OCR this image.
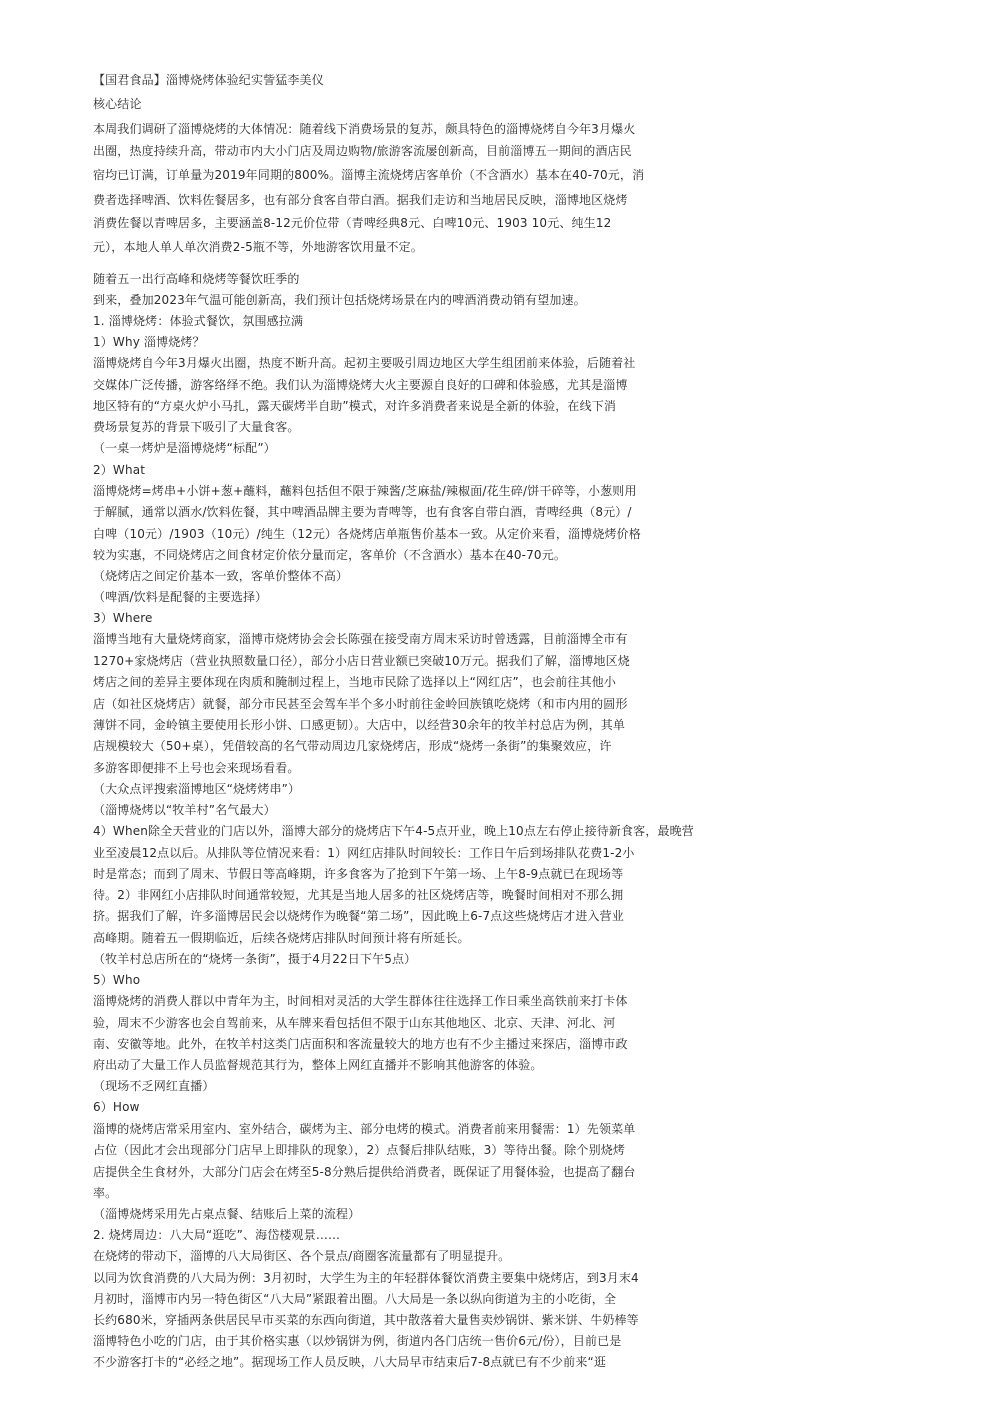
【国君食品】淄博烧烤体验纪实訾猛李美仪
核心结论
本周我们调研了淄博烧烤的大体情况：随着线下消费场景的复苏，颇具特色的淄博烧烤自今年3月爆火
出圈，热度持续升高，带动市内大小门店及周边购物/旅游客流屡创新高，目前淄博五一期间的酒店民
宿均已订满，订单量为2019年同期的800%。淄博主流烧烤店客单价（不含酒水）基本在40-70元，消
费者选择啤酒、饮料佐餐居多，也有部分食客自带白酒。据我们走访和当地居民反映，淄博地区烧烤
消费佐餐以青啤居多，主要涵盖8-12元价位带（青啤经典8元、白啤10元、1903 10元、纯生12
元），本地人单人单次消费2-5瓶不等，外地游客饮用量不定。
随着五一出行高峰和烧烤等餐饮旺季的
到来，叠加2023年气温可能创新高，我们预计包括烧烤场景在内的啤酒消费动销有望加速。
1. 淄博烧烤：体验式餐饮，氛围感拉满
1）Why 淄博烧烤？
淄博烧烤自今年3月爆火出圈，热度不断升高。起初主要吸引周边地区大学生组团前来体验，后随着社
交媒体广泛传播，游客络绎不绝。我们认为淄博烧烤大火主要源自良好的口碑和体验感，尤其是淄博
地区特有的“方桌火炉小马扎，露天碳烤半自助”模式，对许多消费者来说是全新的体验，在线下消
费场景复苏的背景下吸引了大量食客。
（一桌一烤炉是淄博烧烤“标配”）
2）What
淄博烧烤=烤串+小饼+葱+蘸料，蘸料包括但不限于辣酱/芝麻盐/辣椒面/花生碎/饼干碎等，小葱则用
于解腻，通常以酒水/饮料佐餐，其中啤酒品牌主要为青啤等，也有食客自带白酒，青啤经典（8元）/
白啤（10元）/1903（10元）/纯生（12元）各烧烤店单瓶售价基本一致。从定价来看，淄博烧烤价格
较为实惠，不同烧烤店之间食材定价依分量而定，客单价（不含酒水）基本在40-70元。
（烧烤店之间定价基本一致，客单价整体不高）
（啤酒/饮料是配餐的主要选择）
3）Where
淄博当地有大量烧烤商家，淄博市烧烤协会会长陈强在接受南方周末采访时曾透露，目前淄博全市有
1270+家烧烤店（营业执照数量口径），部分小店日营业额已突破10万元。据我们了解，淄博地区烧
烤店之间的差异主要体现在肉质和腌制过程上，当地市民除了选择以上“网红店”，也会前往其他小
店（如社区烧烤店）就餐，部分市民甚至会驾车半个多小时前往金岭回族镇吃烧烤（和市内用的圆形
薄饼不同，金岭镇主要使用长形小饼、口感更韧）。大店中，以经营30余年的牧羊村总店为例，其单
店规模较大（50+桌），凭借较高的名气带动周边几家烧烤店，形成“烧烤一条街”的集聚效应，许
多游客即便排不上号也会来现场看看。
（大众点评搜索淄博地区“烧烤烤串”）
（淄博烧烤以“牧羊村”名气最大）
4）When除全天营业的门店以外，淄博大部分的烧烤店下午4-5点开业，晚上10点左右停止接待新食客，最晚营
业至凌晨12点以后。从排队等位情况来看：1）网红店排队时间较长：工作日午后到场排队花费1-2小
时是常态；而到了周末、节假日等高峰期，许多食客为了抢到下午第一场、上午8-9点就已在现场等
待。2）非网红小店排队时间通常较短，尤其是当地人居多的社区烧烤店等，晚餐时间相对不那么拥
挤。据我们了解，许多淄博居民会以烧烤作为晚餐“第二场”，因此晚上6-7点这些烧烤店才进入营业
高峰期。随着五一假期临近，后续各烧烤店排队时间预计将有所延长。
（牧羊村总店所在的“烧烤一条街”，摄于4月22日下午5点）
5）Who
淄博烧烤的消费人群以中青年为主，时间相对灵活的大学生群体往往选择工作日乘坐高铁前来打卡体
验，周末不少游客也会自驾前来，从车牌来看包括但不限于山东其他地区、北京、天津、河北、河
南、安徽等地。此外，在牧羊村这类门店面积和客流量较大的地方也有不少主播过来探店，淄博市政
府出动了大量工作人员监督规范其行为，整体上网红直播并不影响其他游客的体验。
（现场不乏网红直播）
6）How
淄博的烧烤店常采用室内、室外结合，碳烤为主、部分电烤的模式。消费者前来用餐需：1）先领菜单
占位（因此才会出现部分门店早上即排队的现象），2）点餐后排队结账，3）等待出餐。除个别烧烤
店提供全生食材外，大部分门店会在烤至5-8分熟后提供给消费者，既保证了用餐体验，也提高了翻台
率。
（淄博烧烤采用先占桌点餐、结账后上菜的流程）
2. 烧烤周边：八大局“逛吃”、海岱楼观景……
在烧烤的带动下，淄博的八大局街区、各个景点/商圈客流量都有了明显提升。
以同为饮食消费的八大局为例：3月初时，大学生为主的年轻群体餐饮消费主要集中烧烤店，到3月末4
月初时，淄博市内另一特色街区“八大局”紧跟着出圈。八大局是一条以纵向街道为主的小吃街，全
长约680米，穿插两条供居民早市买菜的东西向街道，其中散落着大量售卖炒锅饼、紫米饼、牛奶棒等
淄博特色小吃的门店，由于其价格实惠（以炒锅饼为例，街道内各门店统一售价6元/份），目前已是
不少游客打卡的“必经之地”。据现场工作人员反映，八大局早市结束后7-8点就已有不少前来“逛
